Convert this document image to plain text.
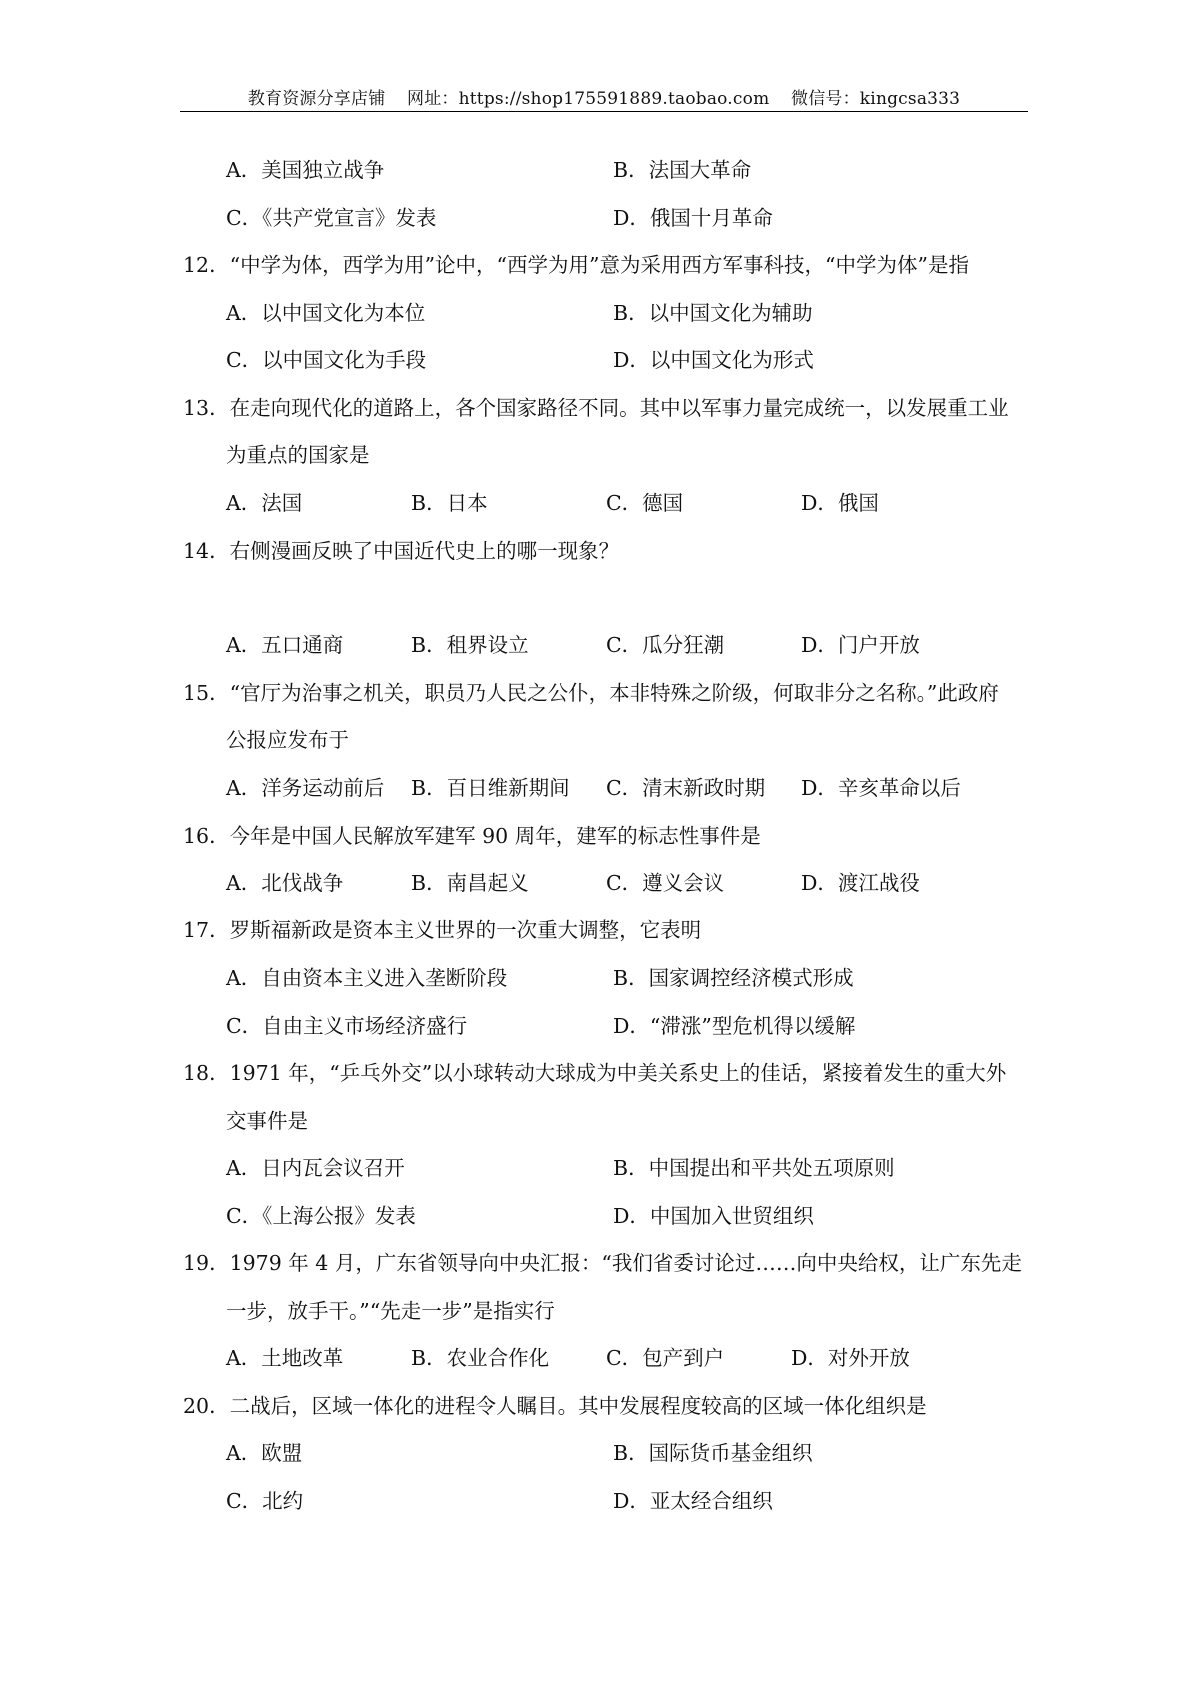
教育资源分享店铺 网址：https://shop175591889.taobao.com 微信号：kingcsa333
A．美国独立战争	B．法国大革命
C．《共产党宣言》发表	D．俄国十月革命
12．“中学为体，西学为用”论中，“西学为用”意为采用西方军事科技，“中学为体”是指
A．以中国文化为本位	B．以中国文化为辅助
C．以中国文化为手段	D．以中国文化为形式
13．在走向现代化的道路上，各个国家路径不同。其中以军事力量完成统一，以发展重工业
为重点的国家是
A．法国	B．日本	C．德国	D．俄国
14．右侧漫画反映了中国近代史上的哪一现象？
A．五口通商	B．租界设立	C．瓜分狂潮	D．门户开放
15．“官厅为治事之机关，职员乃人民之公仆，本非特殊之阶级，何取非分之名称。”此政府
公报应发布于
A．洋务运动前后 B．百日维新期间 C．清末新政时期 D．辛亥革命以后
16．今年是中国人民解放军建军 90 周年，建军的标志性事件是
A．北伐战争	B．南昌起义	C．遵义会议	D．渡江战役
17．罗斯福新政是资本主义世界的一次重大调整，它表明
A．自由资本主义进入垄断阶段	B．国家调控经济模式形成
C．自由主义市场经济盛行	D．“滞涨”型危机得以缓解
18．1971 年，“乒乓外交”以小球转动大球成为中美关系史上的佳话，紧接着发生的重大外
交事件是
A．日内瓦会议召开	B．中国提出和平共处五项原则
C．《上海公报》发表	D．中国加入世贸组织
19．1979 年 4 月，广东省领导向中央汇报：“我们省委讨论过……向中央给权，让广东先走
一步，放手干。”“先走一步”是指实行
A．土地改革	B．农业合作化	C．包产到户	D．对外开放
20．二战后，区域一体化的进程令人瞩目。其中发展程度较高的区域一体化组织是
A．欧盟	B．国际货币基金组织
C．北约	D．亚太经合组织
